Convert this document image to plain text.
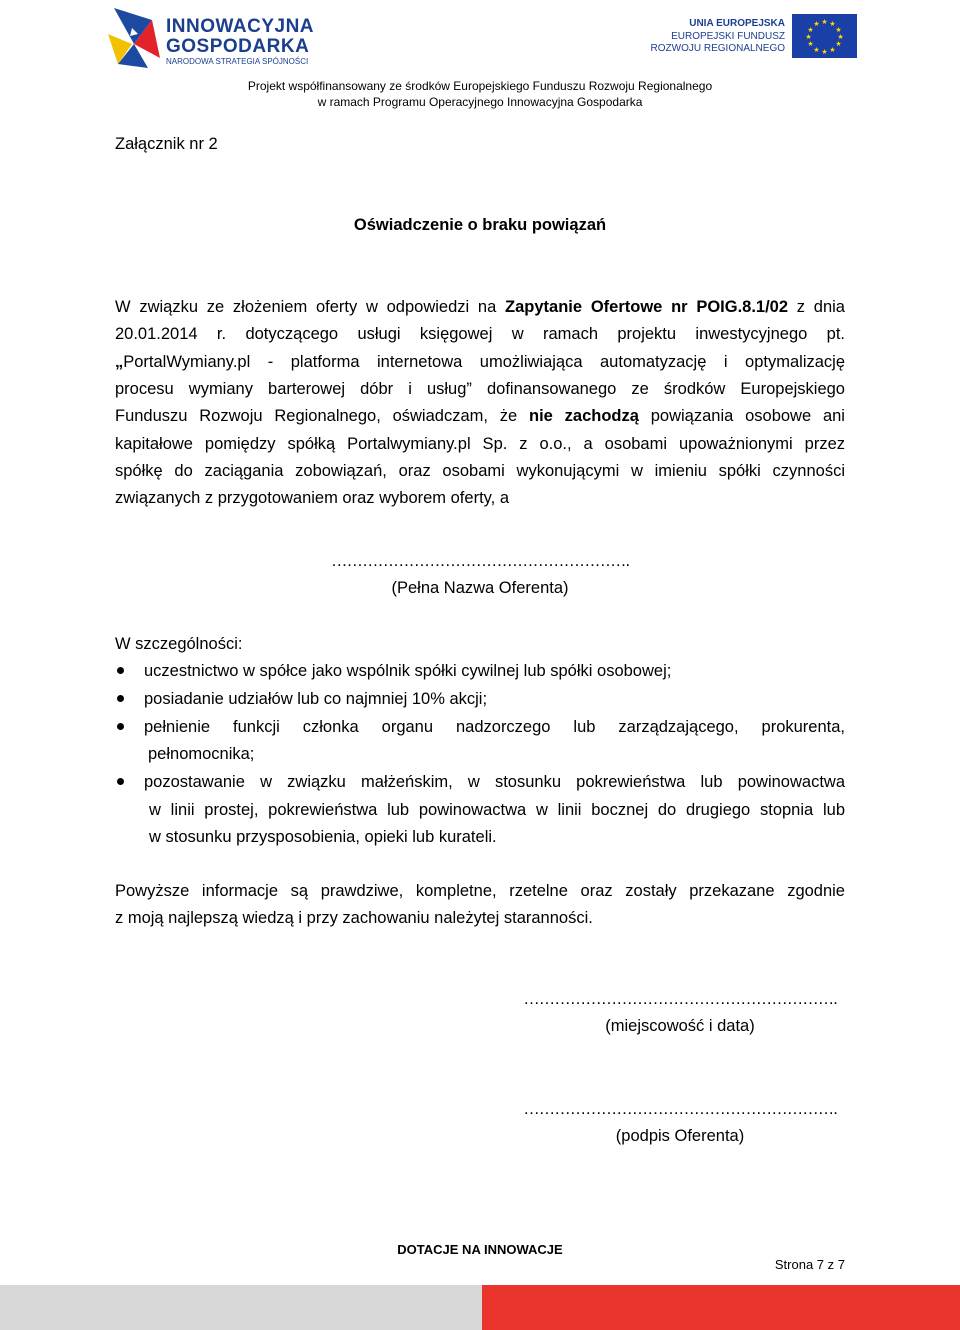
INNOWACYJNA
GOSPODARKA
NARODOWA STRATEGIA SPÓJNOŚCI
UNIA EUROPEJSKA
EUROPEJSKI FUNDUSZ
ROZWOJU REGIONALNEGO
★ ★
★
★
★
★
★
★
★
★
★
★
Projekt współfinansowany ze środków Europejskiego Funduszu Rozwoju Regionalnego
w ramach Programu Operacyjnego Innowacyjna Gospodarka
Załącznik nr 2
Oświadczenie o braku powiązań
W związku ze złożeniem oferty w odpowiedzi na Zapytanie Ofertowe nr POIG.8.1/02 z dnia
20.01.2014 r. dotyczącego usługi księgowej w ramach projektu inwestycyjnego pt.
„PortalWymiany.pl - platforma internetowa umożliwiająca automatyzację i optymalizację
procesu wymiany barterowej dóbr i usług” dofinansowanego ze środków Europejskiego
Funduszu Rozwoju Regionalnego, oświadczam, że nie zachodzą powiązania osobowe ani
kapitałowe pomiędzy spółką Portalwymiany.pl Sp. z o.o., a osobami upoważnionymi przez
spółkę do zaciągania zobowiązań, oraz osobami wykonującymi w imieniu spółki czynności
związanych z przygotowaniem oraz wyborem oferty, a
………………………………………………….
(Pełna Nazwa Oferenta)
W szczególności:
uczestnictwo w spółce jako wspólnik spółki cywilnej lub spółki osobowej;
posiadanie udziałów lub co najmniej 10% akcji;
pełnienie funkcji członka organu nadzorczego lub zarządzającego, prokurenta,
pełnomocnika;
pozostawanie w związku małżeńskim, w stosunku pokrewieństwa lub powinowactwa
w linii prostej, pokrewieństwa lub powinowactwa w linii bocznej do drugiego stopnia lub
w stosunku przysposobienia, opieki lub kurateli.
Powyższe informacje są prawdziwe, kompletne, rzetelne oraz zostały przekazane zgodnie
z moją najlepszą wiedzą i przy zachowaniu należytej staranności.
…………………………………………………….
(miejscowość i data)
…………………………………………………….
(podpis Oferenta)
DOTACJE NA INNOWACJE
Strona 7 z 7
